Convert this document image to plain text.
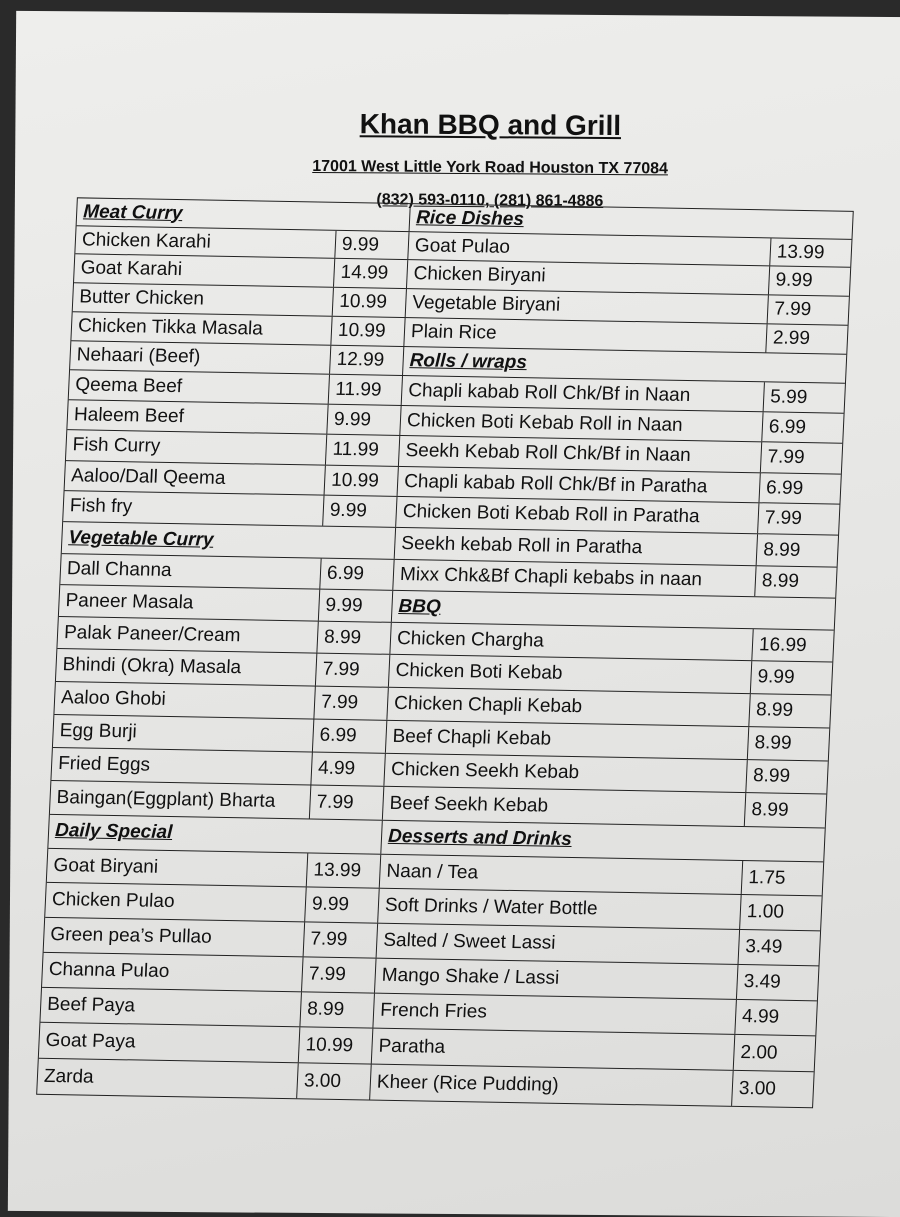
Khan BBQ and Grill
17001 West Little York Road Houston TX 77084
(832) 593-0110, (281) 861-4886
Meat Curry	Rice Dishes
Chicken Karahi	9.99	Goat Pulao	13.99
Goat Karahi	14.99	Chicken Biryani	9.99
Butter Chicken	10.99	Vegetable Biryani	7.99
Chicken Tikka Masala	10.99	Plain Rice	2.99
Nehaari (Beef)	12.99	Rolls / wraps
Qeema Beef	11.99	Chapli kabab Roll Chk/Bf in Naan	5.99
Haleem Beef	9.99	Chicken Boti Kebab Roll in Naan	6.99
Fish Curry	11.99	Seekh Kebab Roll Chk/Bf in Naan	7.99
Aaloo/Dall Qeema	10.99	Chapli kabab Roll Chk/Bf in Paratha	6.99
Fish fry	9.99	Chicken Boti Kebab Roll in Paratha	7.99
Vegetable Curry	Seekh kebab Roll in Paratha	8.99
Dall Channa	6.99	Mixx Chk&Bf Chapli kebabs in naan	8.99
Paneer Masala	9.99	BBQ
Palak Paneer/Cream	8.99	Chicken Chargha	16.99
Bhindi (Okra) Masala	7.99	Chicken Boti Kebab	9.99
Aaloo Ghobi	7.99	Chicken Chapli Kebab	8.99
Egg Burji	6.99	Beef Chapli Kebab	8.99
Fried Eggs	4.99	Chicken Seekh Kebab	8.99
Baingan(Eggplant) Bharta	7.99	Beef Seekh Kebab	8.99
Daily Special	Desserts and Drinks
Goat Biryani	13.99	Naan / Tea	1.75
Chicken Pulao	9.99	Soft Drinks / Water Bottle	1.00
Green pea’s Pullao	7.99	Salted / Sweet Lassi	3.49
Channa Pulao	7.99	Mango Shake / Lassi	3.49
Beef Paya	8.99	French Fries	4.99
Goat Paya	10.99	Paratha	2.00
Zarda	3.00	Kheer (Rice Pudding)	3.00
